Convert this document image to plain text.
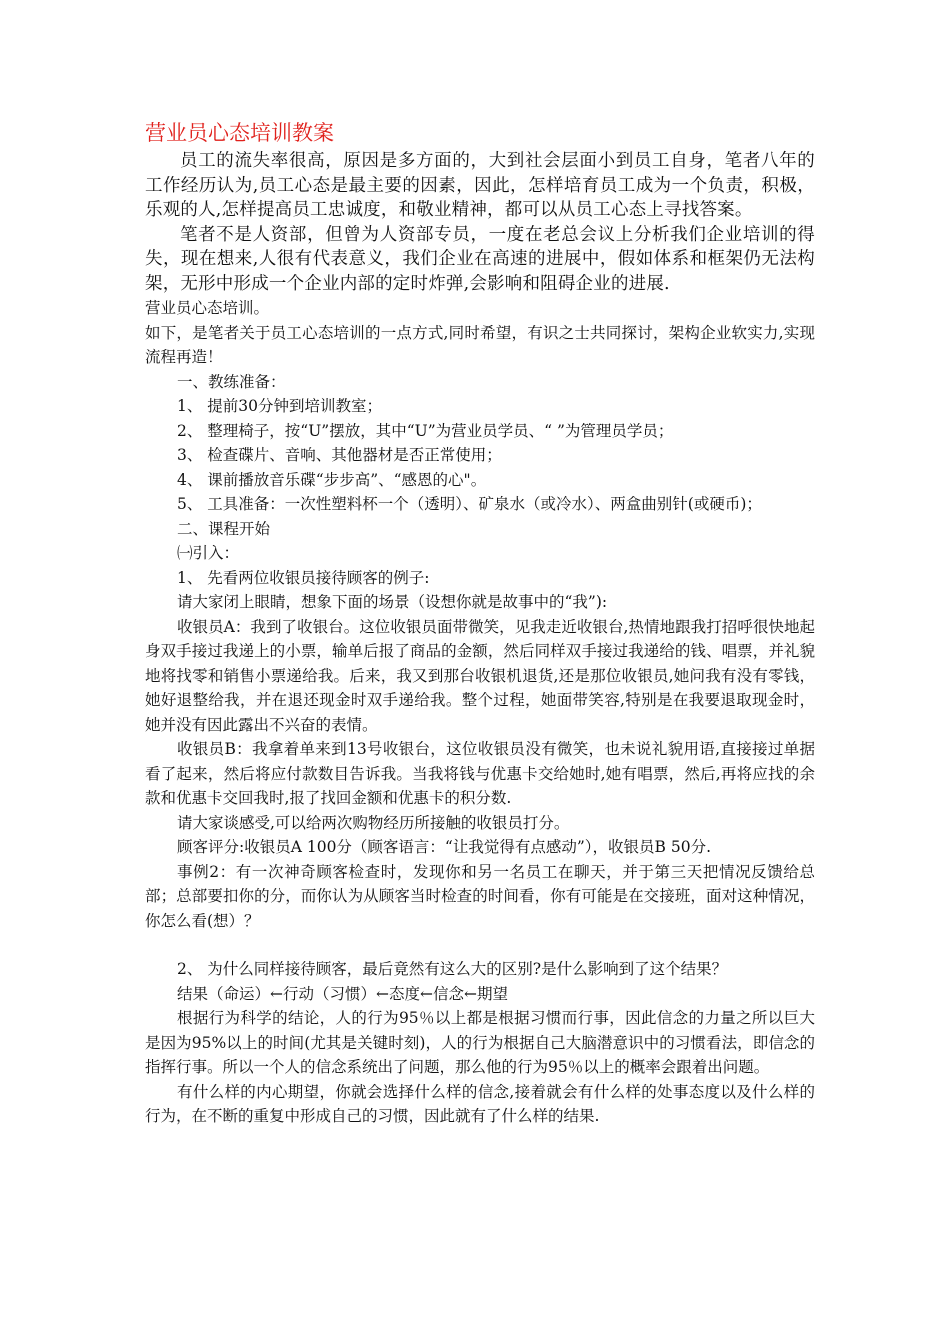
营业员心态培训教案

员工的流失率很高，原因是多方面的，大到社会层面小到员工自身，笔者八年的工作经历认为,员工心态是最主要的因素，因此，怎样培育员工成为一个负责，积极，乐观的人,怎样提高员工忠诚度，和敬业精神，都可以从员工心态上寻找答案。

笔者不是人资部，但曾为人资部专员，一度在老总会议上分析我们企业培训的得失，现在想来,人很有代表意义，我们企业在高速的进展中，假如体系和框架仍无法构架，无形中形成一个企业内部的定时炸弹,会影响和阻碍企业的进展.

营业员心态培训。

如下，是笔者关于员工心态培训的一点方式,同时希望，有识之士共同探讨，架构企业软实力,实现流程再造！

一、教练准备：

1、 提前30分钟到培训教室；

2、 整理椅子，按“U”摆放，其中“U”为营业员学员、“ ”为管理员学员；

3、 检查碟片、音响、其他器材是否正常使用；

4、 课前播放音乐碟“步步高”、“感恩的心"。

5、 工具准备：一次性塑料杯一个（透明）、矿泉水（或冷水）、两盒曲别针(或硬币)；

二、课程开始

㈠引入：

1、 先看两位收银员接待顾客的例子:

请大家闭上眼睛，想象下面的场景（设想你就是故事中的“我”):

收银员A：我到了收银台。这位收银员面带微笑，见我走近收银台,热情地跟我打招呼很快地起身双手接过我递上的小票，输单后报了商品的金额，然后同样双手接过我递给的钱、唱票，并礼貌地将找零和销售小票递给我。后来，我又到那台收银机退货,还是那位收银员,她问我有没有零钱，她好退整给我，并在退还现金时双手递给我。整个过程，她面带笑容,特别是在我要退取现金时，她并没有因此露出不兴奋的表情。

收银员B：我拿着单来到13号收银台，这位收银员没有微笑，也未说礼貌用语,直接接过单据看了起来，然后将应付款数目告诉我。当我将钱与优惠卡交给她时,她有唱票，然后,再将应找的余款和优惠卡交回我时,报了找回金额和优惠卡的积分数.

请大家谈感受,可以给两次购物经历所接触的收银员打分。

顾客评分:收银员A 100分（顾客语言：“让我觉得有点感动”），收银员B 50分.

事例2：有一次神奇顾客检查时，发现你和另一名员工在聊天，并于第三天把情况反馈给总部；总部要扣你的分，而你认为从顾客当时检查的时间看，你有可能是在交接班，面对这种情况，你怎么看(想）？

2、 为什么同样接待顾客，最后竟然有这么大的区别?是什么影响到了这个结果？

结果（命运）←行动（习惯）←态度←信念←期望

根据行为科学的结论，人的行为95％以上都是根据习惯而行事，因此信念的力量之所以巨大是因为95%以上的时间(尤其是关键时刻)，人的行为根据自己大脑潜意识中的习惯看法，即信念的指挥行事。所以一个人的信念系统出了问题，那么他的行为95％以上的概率会跟着出问题。

有什么样的内心期望，你就会选择什么样的信念,接着就会有什么样的处事态度以及什么样的行为，在不断的重复中形成自己的习惯，因此就有了什么样的结果.
